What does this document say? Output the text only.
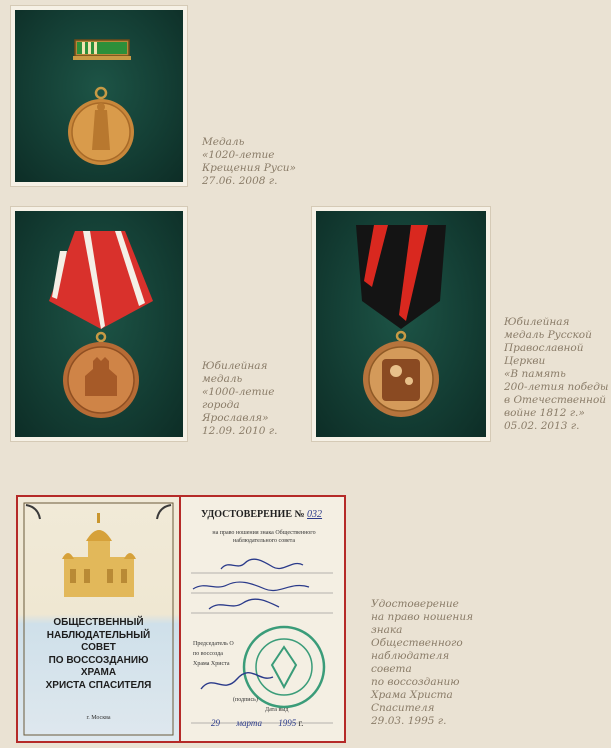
Медаль
«1020-летие
Крещения Руси»
27.06. 2008 г.
Юбилейная
медаль
«1000-летие
города
Ярославля»
12.09. 2010 г.
Юбилейная
медаль Русской
Православной
Церкви
«В память
200-летия победы
в Отечественной
войне 1812 г.»
05.02. 2013 г.
ОБЩЕСТВЕННЫЙ
НАБЛЮДАТЕЛЬНЫЙ
СОВЕТ
ПО ВОССОЗДАНИЮ
ХРАМА
ХРИСТА СПАСИТЕЛЯ
г. Москва
УДОСТОВЕРЕНИЕ № 032
на право ношения знака Общественного
наблюдательного совета
Председатель О
по воссозда
Храма Христа
(подпись)
Дата выд
29 марта 1995 г.
Удостоверение
на право ношения
знака
Общественного
наблюдателя
совета
по воссозданию
Храма Христа
Спасителя
29.03. 1995 г.
